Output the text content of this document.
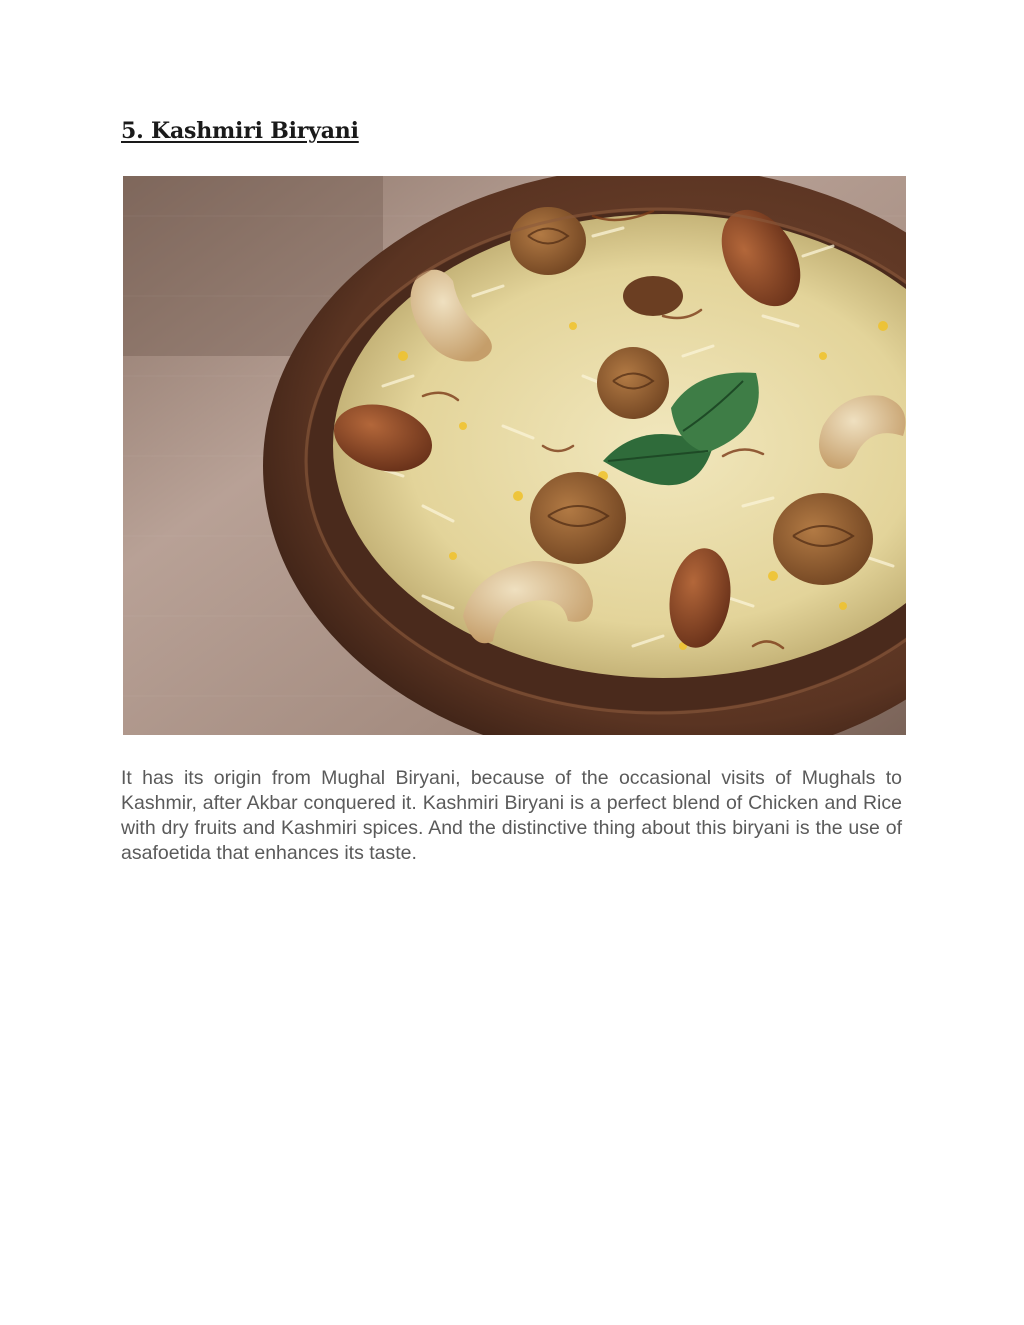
5. Kashmiri Biryani

It has its origin from Mughal Biryani, because of the occasional visits of Mughals to Kashmir, after Akbar conquered it. Kashmiri Biryani is a perfect blend of Chicken and Rice with dry fruits and Kashmiri spices. And the distinctive thing about this biryani is the use of asafoetida that enhances its taste.
